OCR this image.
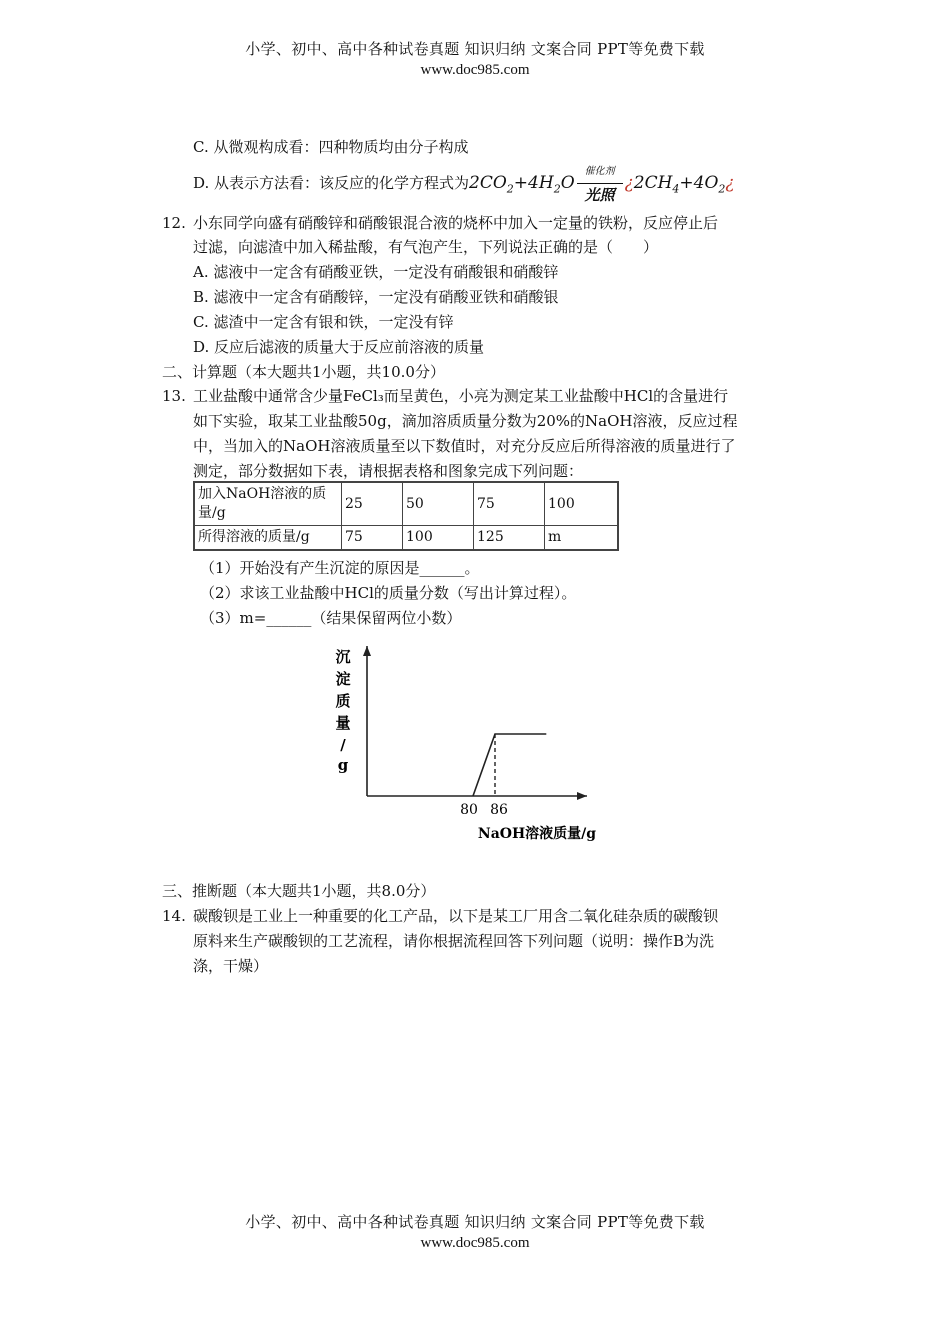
小学、初中、高中各种试卷真题 知识归纳 文案合同 PPT等免费下载
www.doc985.com
C. 从微观构成看：四种物质均由分子构成
D. 从表示方法看：该反应的化学方程式为$2CO_2+4H_2O \frac{\text{催化剂}}{\text{光照}}$ ¿$2CH_4+4O_2¿$
12. 小东同学向盛有硝酸锌和硝酸银混合液的烧杯中加入一定量的铁粉，反应停止后
过滤，向滤渣中加入稀盐酸，有气泡产生，下列说法正确的是（　　）
A. 滤液中一定含有硝酸亚铁，一定没有硝酸银和硝酸锌
B. 滤液中一定含有硝酸锌，一定没有硝酸亚铁和硝酸银
C. 滤渣中一定含有银和铁，一定没有锌
D. 反应后滤液的质量大于反应前溶液的质量
二、计算题（本大题共1小题，共10.0分）
13. 工业盐酸中通常含少量FeCl₃而呈黄色，小亮为测定某工业盐酸中HCl的含量进行
如下实验，取某工业盐酸50g，滴加溶质质量分数为20%的NaOH溶液，反应过程
中，当加入的NaOH溶液质量至以下数值时，对充分反应后所得溶液的质量进行了
测定，部分数据如下表，请根据表格和图象完成下列问题：
加入NaOH溶液的质
量/g	25	50	75	100
所得溶液的质量/g	75	100	125	m
（1）开始没有产生沉淀的原因是______。
（2）求该工业盐酸中HCl的质量分数（写出计算过程）。
（3）m=______（结果保留两位小数）
80 86
NaOH溶液质量/g
沉淀质量/ g
三、推断题（本大题共1小题，共8.0分）
14. 碳酸钡是工业上一种重要的化工产品，以下是某工厂用含二氧化硅杂质的碳酸钡
原料来生产碳酸钡的工艺流程，请你根据流程回答下列问题（说明：操作B为洗
涤，干燥）
小学、初中、高中各种试卷真题 知识归纳 文案合同 PPT等免费下载
www.doc985.com
